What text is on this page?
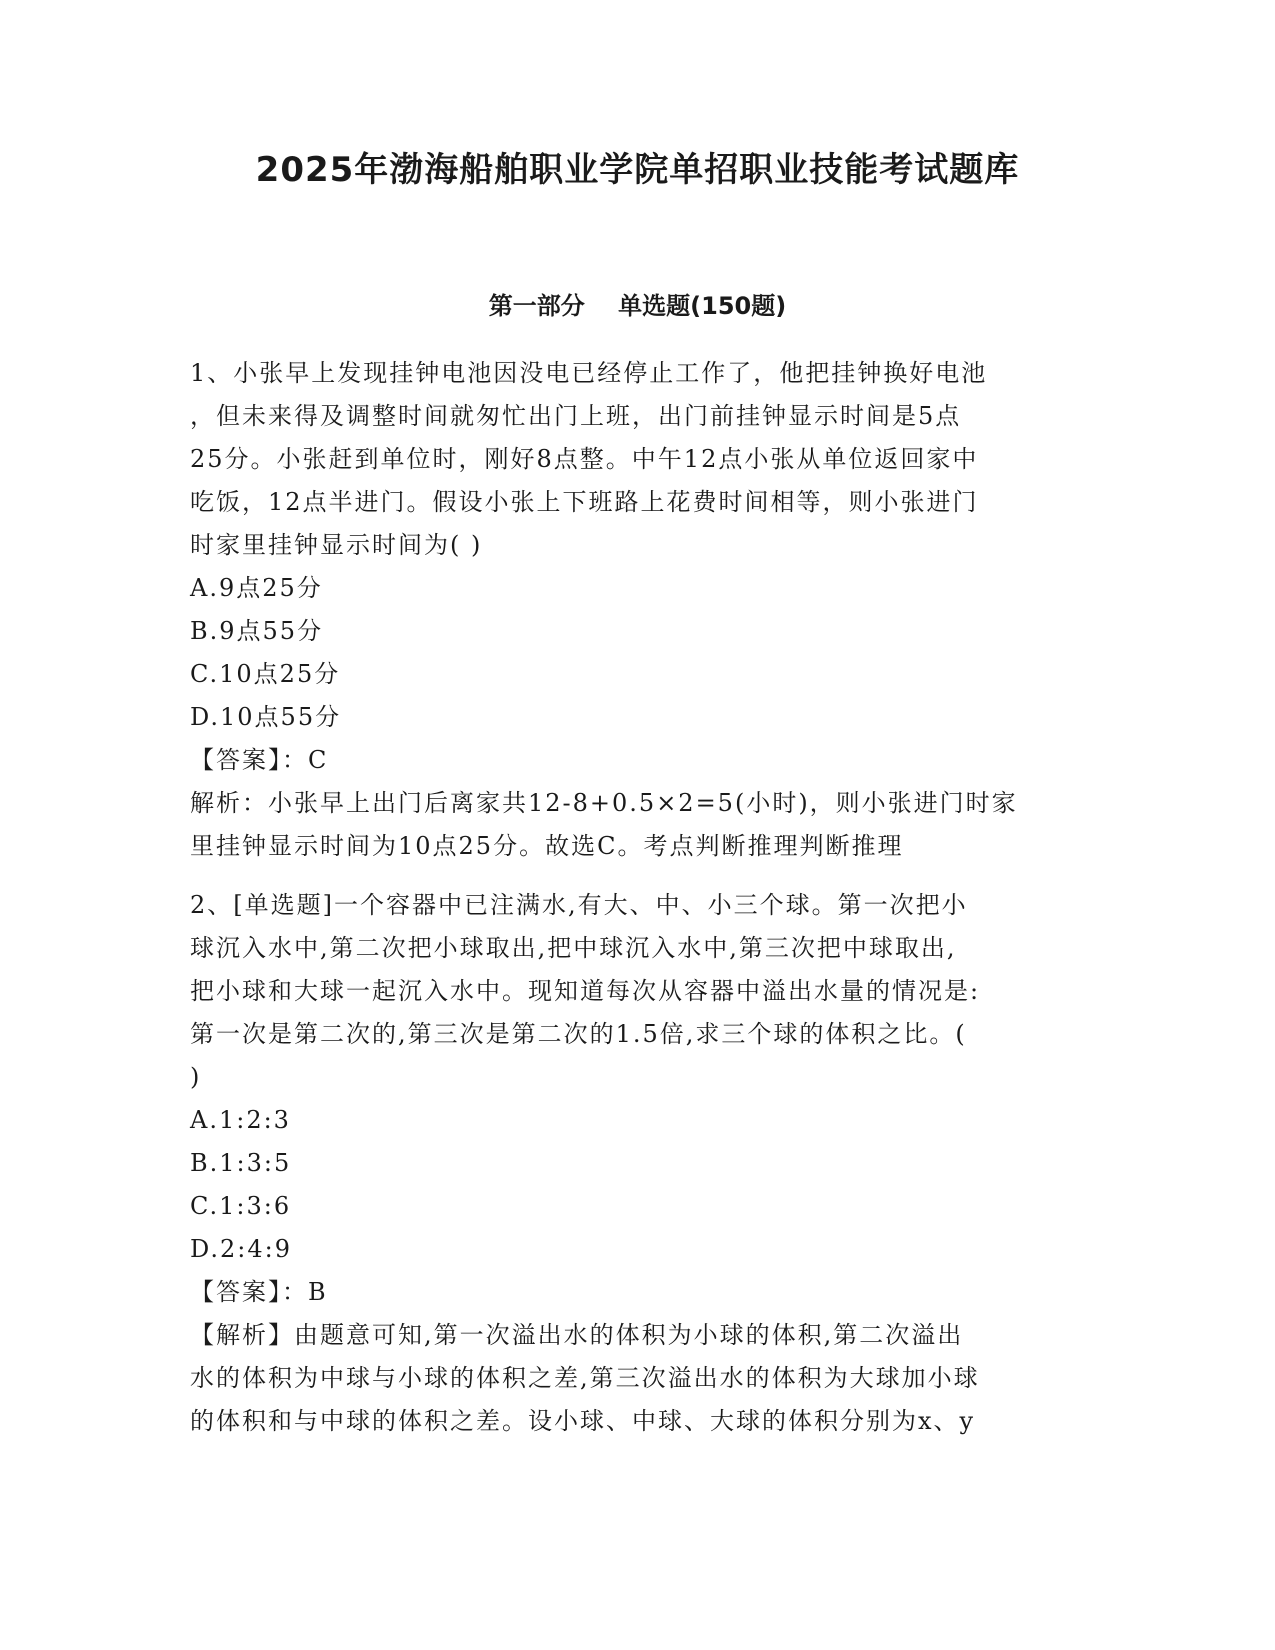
2025年渤海船舶职业学院单招职业技能考试题库
第一部分    单选题(150题)
1、小张早上发现挂钟电池因没电已经停止工作了，他把挂钟换好电池
，但未来得及调整时间就匆忙出门上班，出门前挂钟显示时间是5点
25分。小张赶到单位时，刚好8点整。中午12点小张从单位返回家中
吃饭，12点半进门。假设小张上下班路上花费时间相等，则小张进门
时家里挂钟显示时间为( )
A.9点25分
B.9点55分
C.10点25分
D.10点55分
【答案】：C
解析：小张早上出门后离家共12-8+0.5×2=5(小时)，则小张进门时家
里挂钟显示时间为10点25分。故选C。考点判断推理判断推理
2、[单选题]一个容器中已注满水,有大、中、小三个球。第一次把小
球沉入水中,第二次把小球取出,把中球沉入水中,第三次把中球取出,
把小球和大球一起沉入水中。现知道每次从容器中溢出水量的情况是:
第一次是第二次的,第三次是第二次的1.5倍,求三个球的体积之比。(
)
A.1:2:3
B.1:3:5
C.1:3:6
D.2:4:9
【答案】：B
【解析】由题意可知,第一次溢出水的体积为小球的体积,第二次溢出
水的体积为中球与小球的体积之差,第三次溢出水的体积为大球加小球
的体积和与中球的体积之差。设小球、中球、大球的体积分别为x、y
